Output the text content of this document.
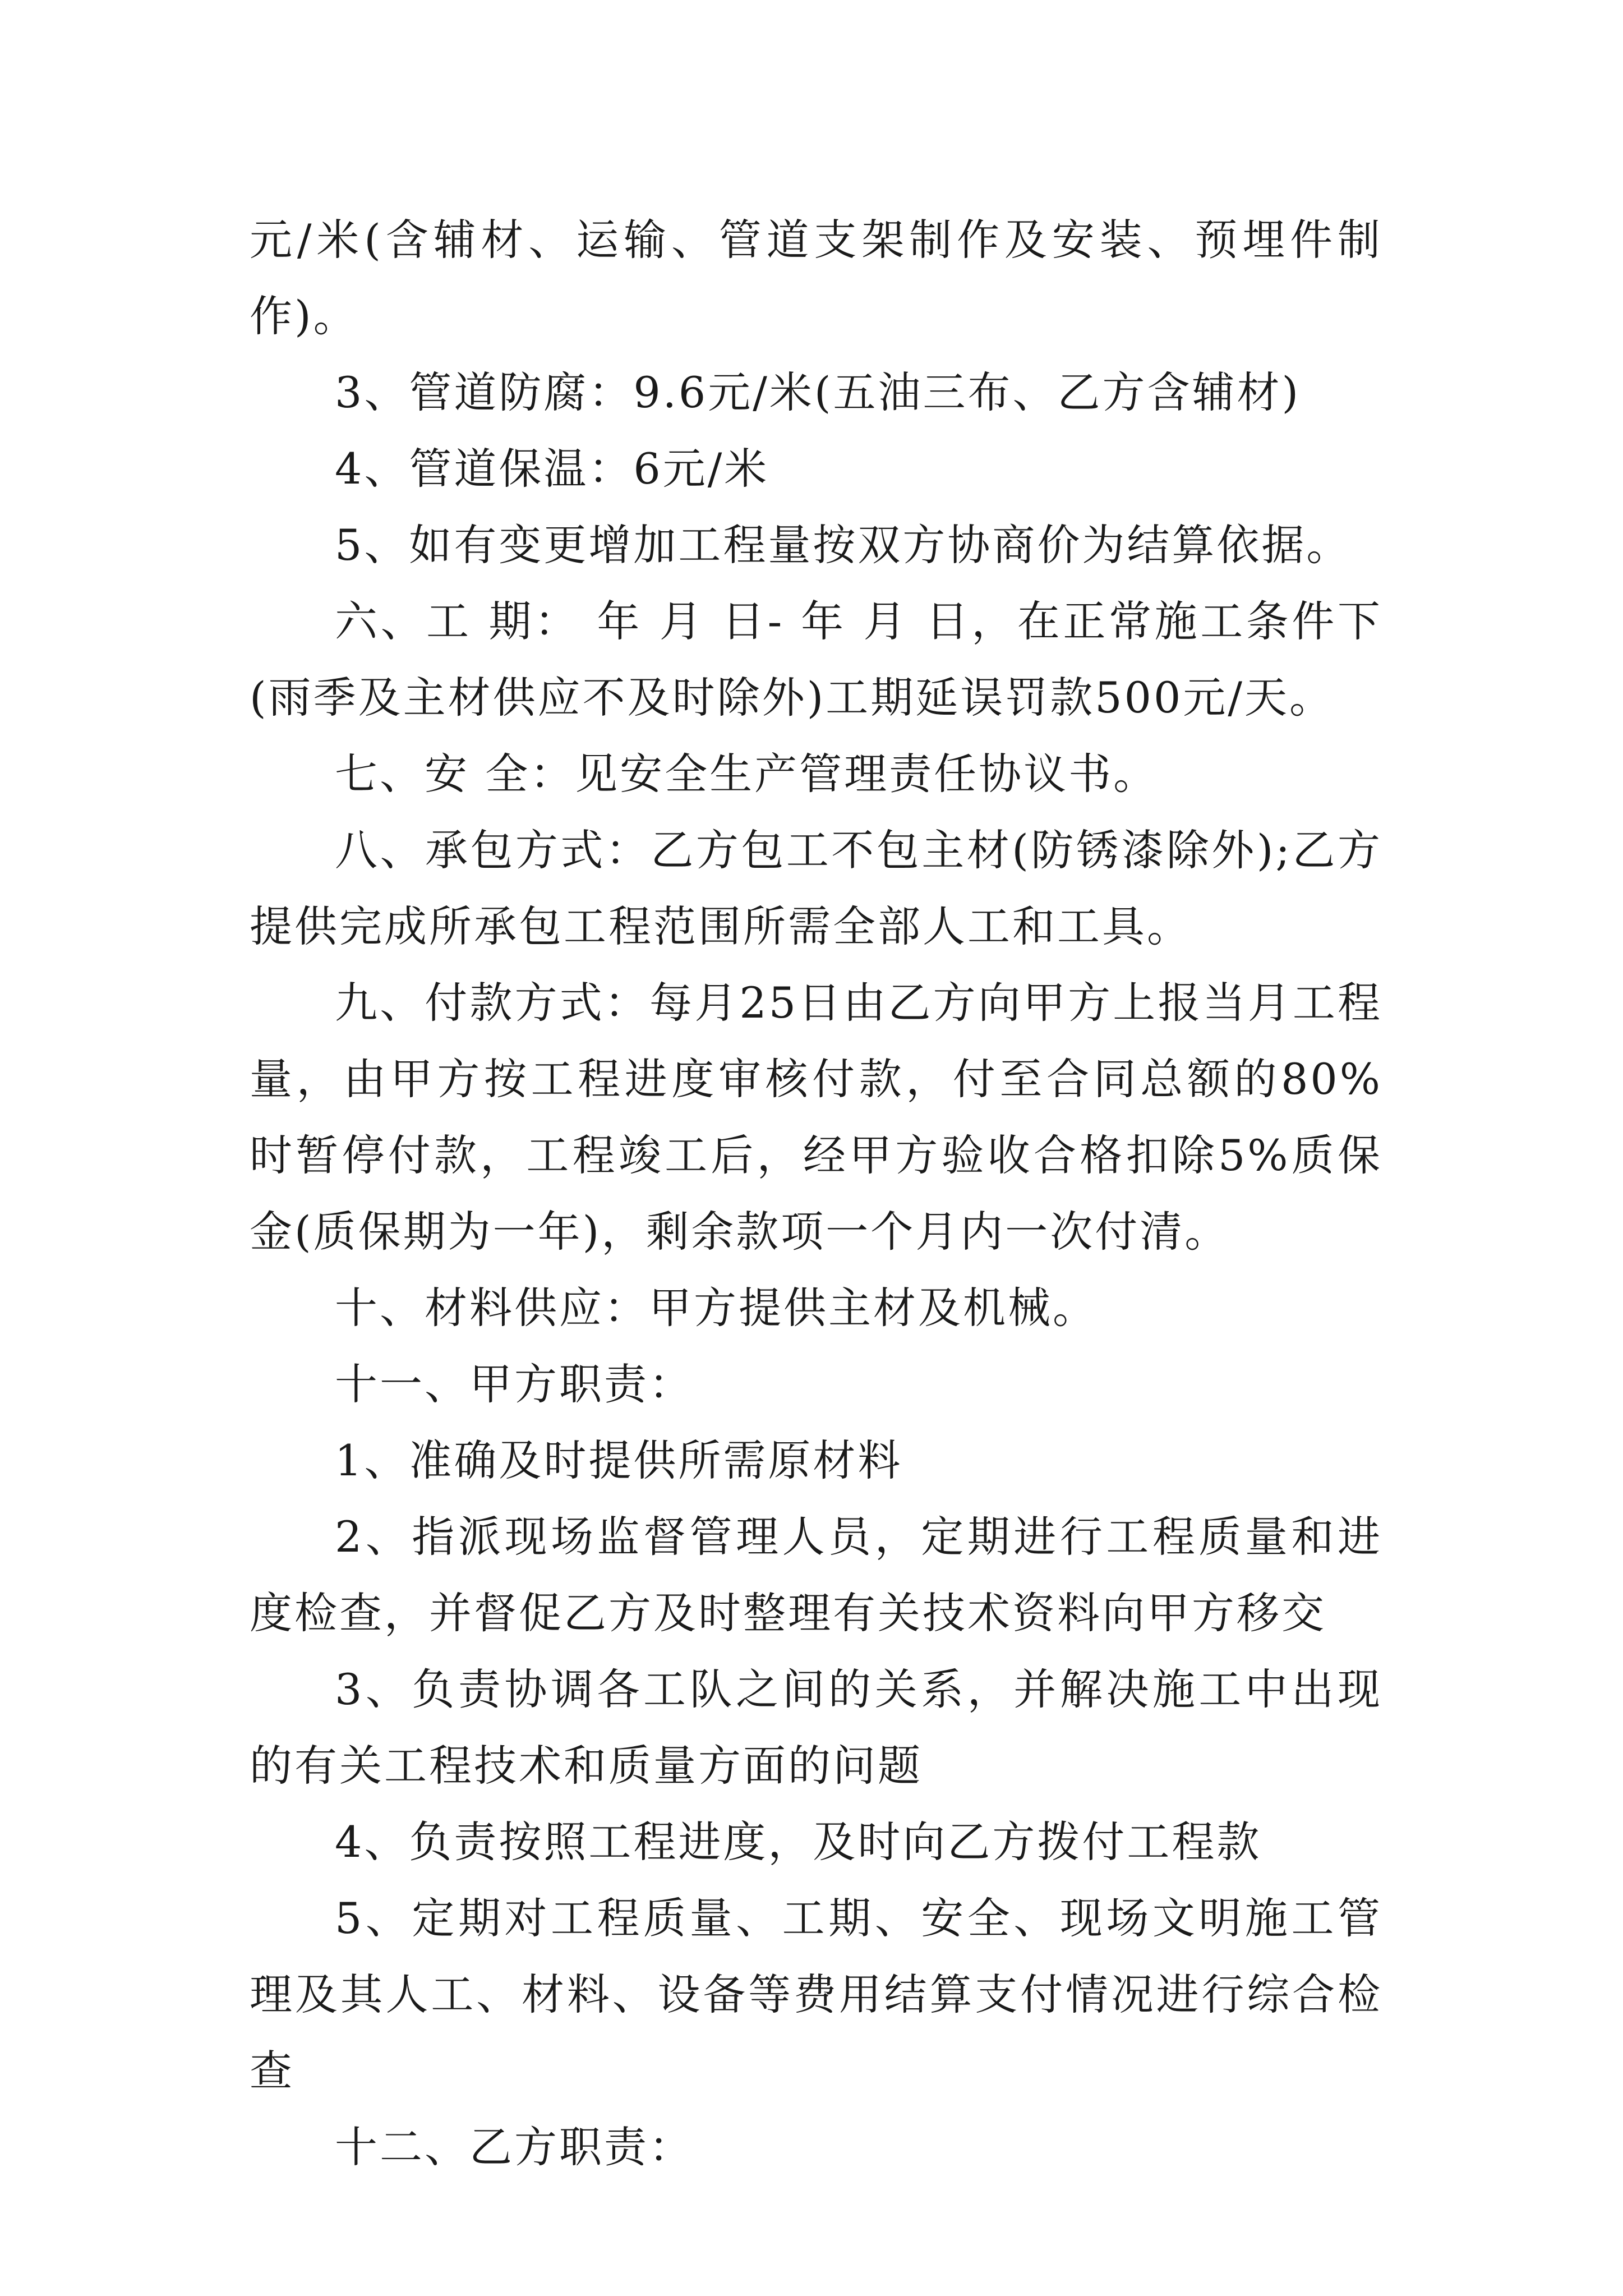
元/米(含辅材、运输、管道支架制作及安装、预埋件制作)。

3、管道防腐：9.6元/米(五油三布、乙方含辅材)

4、管道保温：6元/米

5、如有变更增加工程量按双方协商价为结算依据。

六、工 期： 年 月 日- 年 月 日，在正常施工条件下(雨季及主材供应不及时除外)工期延误罚款500元/天。

七、安 全：见安全生产管理责任协议书。

八、承包方式：乙方包工不包主材(防锈漆除外);乙方提供完成所承包工程范围所需全部人工和工具。

九、付款方式：每月25日由乙方向甲方上报当月工程量，由甲方按工程进度审核付款，付至合同总额的80%时暂停付款，工程竣工后，经甲方验收合格扣除5%质保金(质保期为一年)，剩余款项一个月内一次付清。

十、材料供应：甲方提供主材及机械。

十一、甲方职责：

1、准确及时提供所需原材料

2、指派现场监督管理人员，定期进行工程质量和进度检查，并督促乙方及时整理有关技术资料向甲方移交

3、负责协调各工队之间的关系，并解决施工中出现的有关工程技术和质量方面的问题

4、负责按照工程进度，及时向乙方拨付工程款

5、定期对工程质量、工期、安全、现场文明施工管理及其人工、材料、设备等费用结算支付情况进行综合检查

十二、乙方职责：
